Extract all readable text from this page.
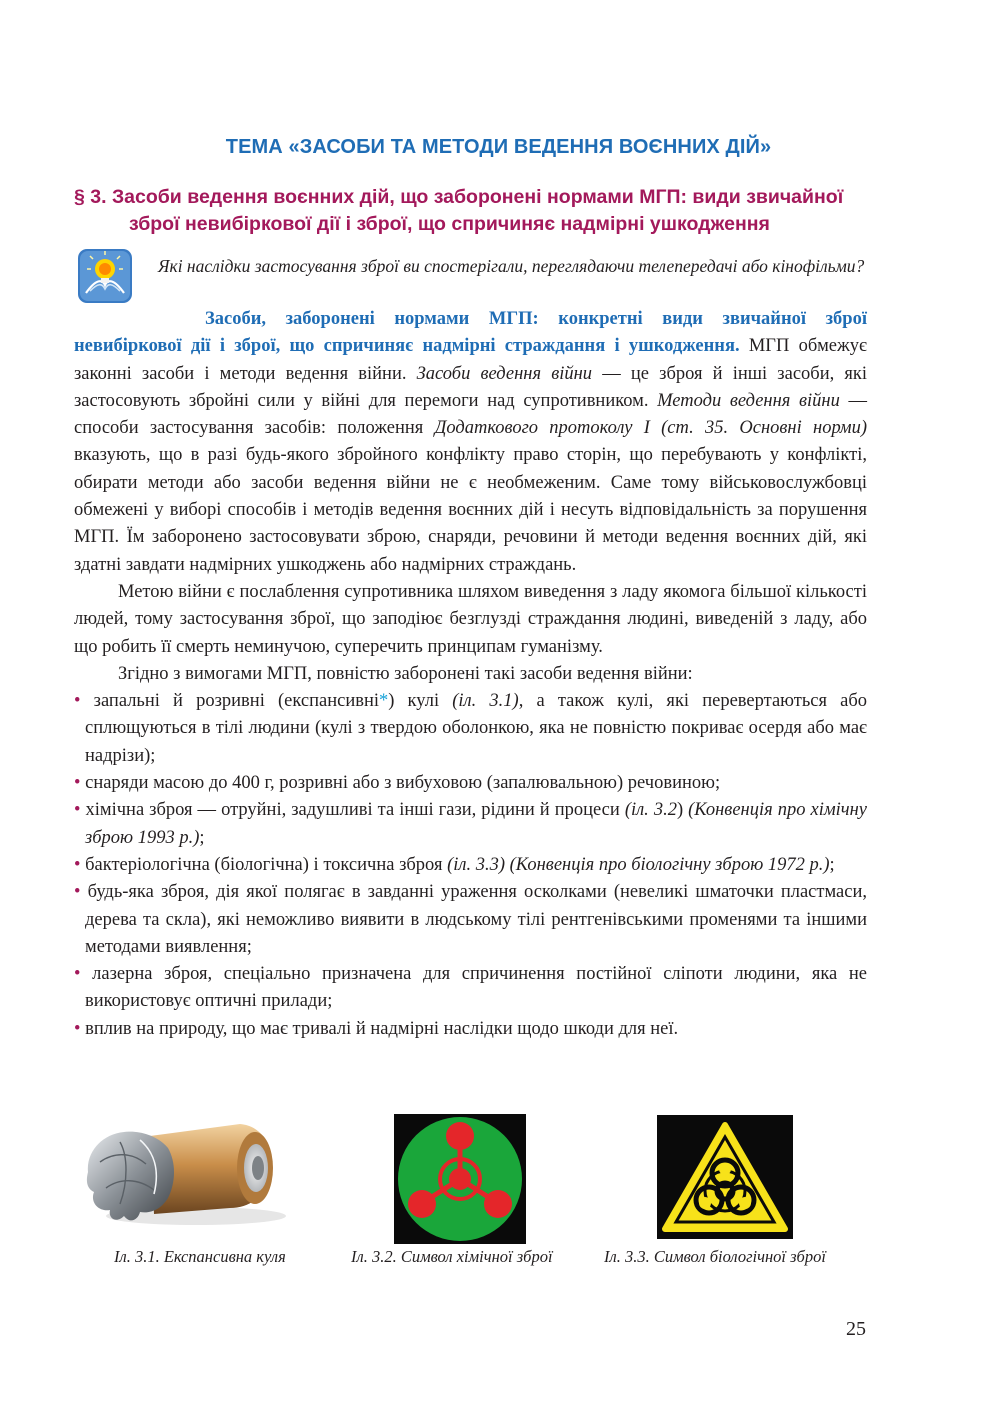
ТЕМА «ЗАСОБИ ТА МЕТОДИ ВЕДЕННЯ ВОЄННИХ ДІЙ»
§ 3. Засоби ведення воєнних дій, що заборонені нормами МГП: види звичайної
зброї невибіркової дії і зброї, що спричиняє надмірні ушкодження
Які наслідки застосування зброї ви спостерігали, переглядаючи телепередачі або кінофільми?

Засоби, заборонені нормами МГП: конкретні види звичайної зброї невибіркової дії і зброї, що спричиняє надмірні страждання і ушкодження. МГП обмежує законні засоби і методи ведення війни. Засоби ведення війни — це зброя й інші засоби, які застосовують збройні сили у війні для перемоги над супротивником. Методи ведення війни — способи застосування засобів: положення Додаткового протоколу І (ст. 35. Основні норми) вказують, що в разі будь-якого збройного конфлікту право сторін, що перебувають у конфлікті, обирати методи або засоби ведення війни не є необмеженим. Саме тому військовослужбовці обмежені у виборі способів і методів ведення воєнних дій і несуть відповідальність за порушення МГП. Їм заборонено застосовувати зброю, снаряди, речовини й методи ведення воєнних дій, які здатні завдати надмірних ушкоджень або надмірних страждань.

Метою війни є послаблення супротивника шляхом виведення з ладу якомога більшої кількості людей, тому застосування зброї, що заподіює безглузді страждання людині, виведеній з ладу, або що робить її смерть неминучою, суперечить принципам гуманізму.

Згідно з вимогами МГП, повністю заборонені такі засоби ведення війни:

• запальні й розривні (експансивні*) кулі (іл. 3.1), а також кулі, які перевертаються або сплющуються в тілі людини (кулі з твердою оболонкою, яка не повністю покриває осердя або має надрізи);
• снаряди масою до 400 г, розривні або з вибуховою (запалювальною) речовиною;
• хімічна зброя — отруйні, задушливі та інші гази, рідини й процеси (іл. 3.2) (Конвенція про хімічну зброю 1993 р.);
• бактеріологічна (біологічна) і токсична зброя (іл. 3.3) (Конвенція про біологічну зброю 1972 р.);
• будь-яка зброя, дія якої полягає в завданні ураження осколками (невеликі шматочки пластмаси, дерева та скла), які неможливо виявити в людському тілі рентгенівськими променями та іншими методами виявлення;
• лазерна зброя, спеціально призначена для спричинення постійної сліпоти людини, яка не використовує оптичні прилади;
• вплив на природу, що має тривалі й надмірні наслідки щодо шкоди для неї.
Іл. 3.1. Експансивна куля	Іл. 3.2. Символ хімічної зброї	Іл. 3.3. Символ біологічної зброї
25
